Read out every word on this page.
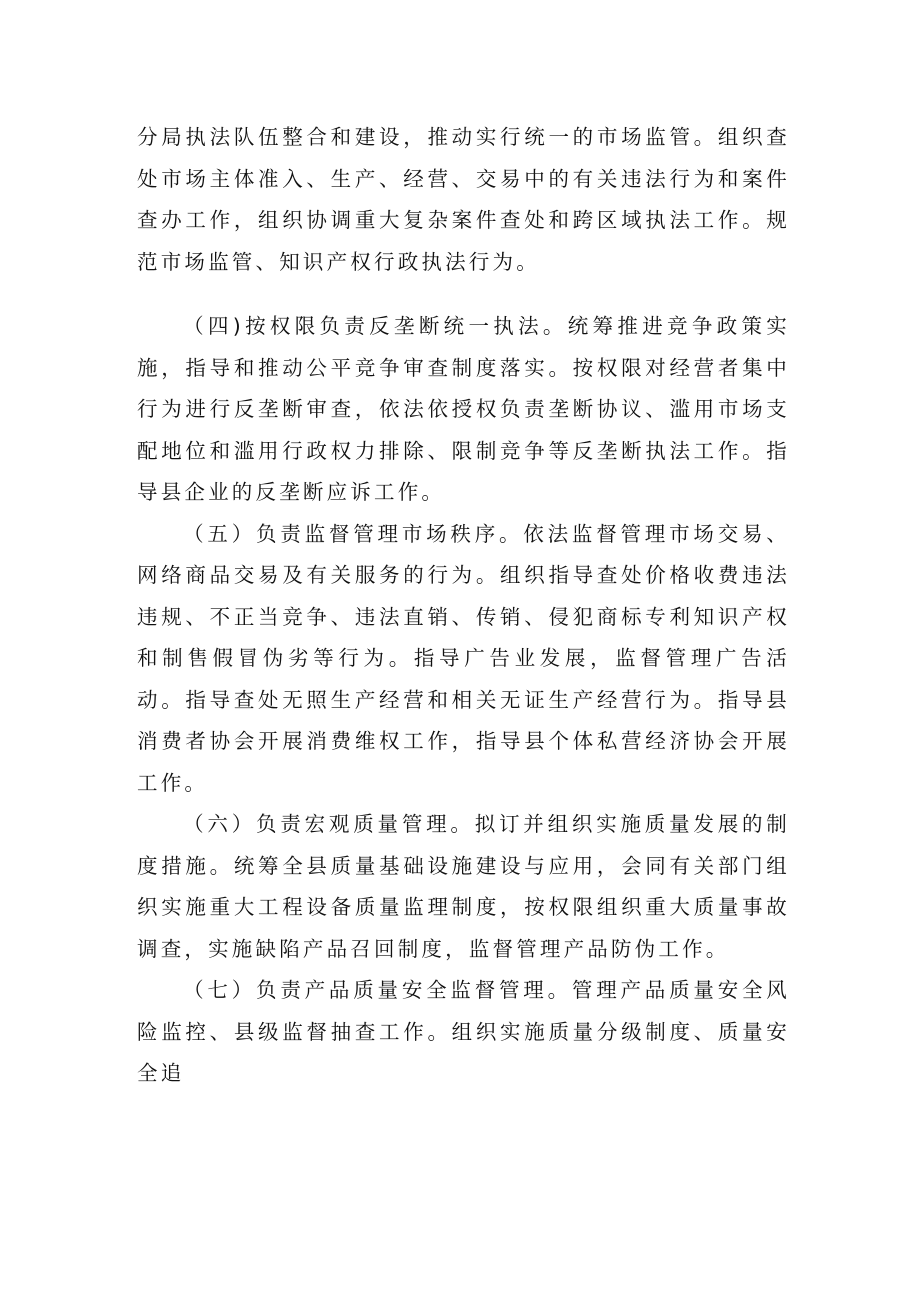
分局执法队伍整合和建设，推动实行统一的市场监管。组织查处市场主体准入、生产、经营、交易中的有关违法行为和案件查办工作，组织协调重大复杂案件查处和跨区域执法工作。规范市场监管、知识产权行政执法行为。

（四)按权限负责反垄断统一执法。统筹推进竞争政策实施，指导和推动公平竞争审查制度落实。按权限对经营者集中行为进行反垄断审查，依法依授权负责垄断协议、滥用市场支配地位和滥用行政权力排除、限制竞争等反垄断执法工作。指导县企业的反垄断应诉工作。

（五）负责监督管理市场秩序。依法监督管理市场交易、网络商品交易及有关服务的行为。组织指导查处价格收费违法违规、不正当竞争、违法直销、传销、侵犯商标专利知识产权和制售假冒伪劣等行为。指导广告业发展，监督管理广告活动。指导查处无照生产经营和相关无证生产经营行为。指导县消费者协会开展消费维权工作，指导县个体私营经济协会开展工作。

（六）负责宏观质量管理。拟订并组织实施质量发展的制度措施。统筹全县质量基础设施建设与应用，会同有关部门组织实施重大工程设备质量监理制度，按权限组织重大质量事故调查，实施缺陷产品召回制度，监督管理产品防伪工作。

（七）负责产品质量安全监督管理。管理产品质量安全风险监控、县级监督抽查工作。组织实施质量分级制度、质量安全追
